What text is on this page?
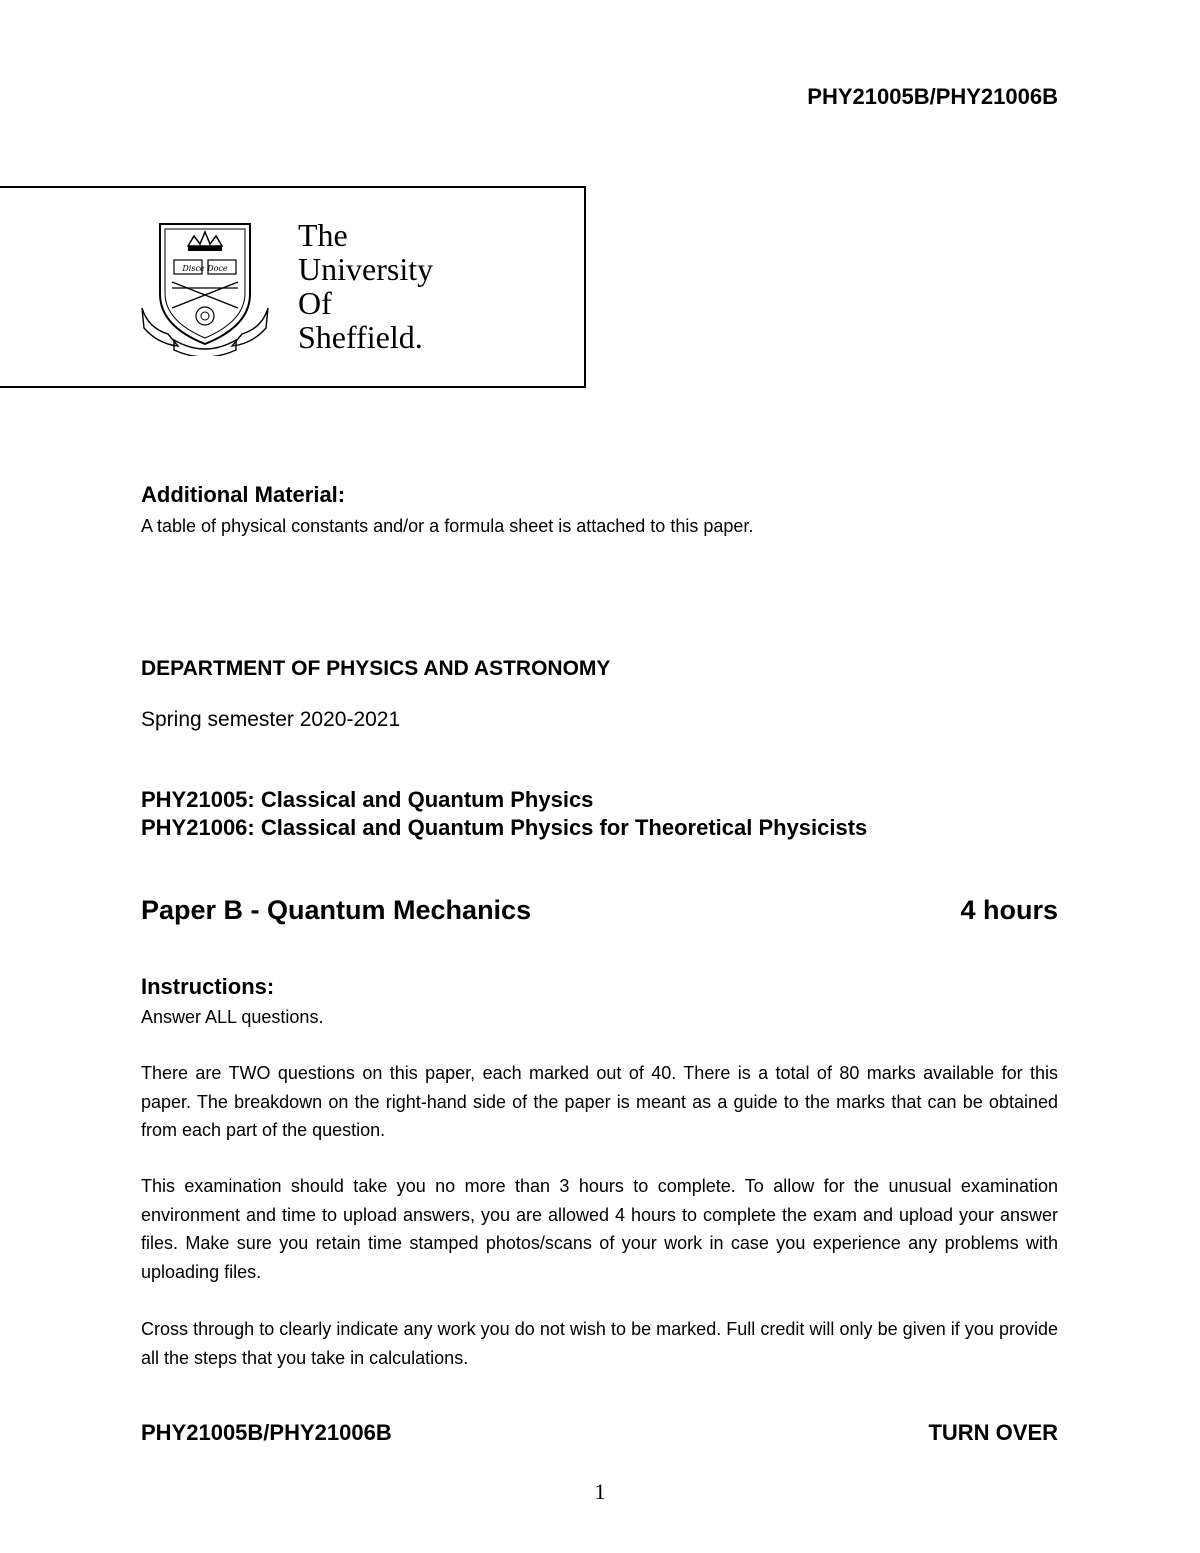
PHY21005B/PHY21006B
Disce Doce
The
University
Of
Sheffield.
Additional Material:
A table of physical constants and/or a formula sheet is attached to this paper.
DEPARTMENT OF PHYSICS AND ASTRONOMY
Spring semester 2020-2021
PHY21005: Classical and Quantum Physics
PHY21006: Classical and Quantum Physics for Theoretical Physicists
Paper B - Quantum Mechanics	4 hours
Instructions:
Answer ALL questions.
There are TWO questions on this paper, each marked out of 40. There is a total of 80 marks available for this paper. The breakdown on the right-hand side of the paper is meant as a guide to the marks that can be obtained from each part of the question.
This examination should take you no more than 3 hours to complete. To allow for the unusual examination environment and time to upload answers, you are allowed 4 hours to complete the exam and upload your answer files. Make sure you retain time stamped photos/scans of your work in case you experience any problems with uploading files.
Cross through to clearly indicate any work you do not wish to be marked. Full credit will only be given if you provide all the steps that you take in calculations.
PHY21005B/PHY21006B	TURN OVER
1
